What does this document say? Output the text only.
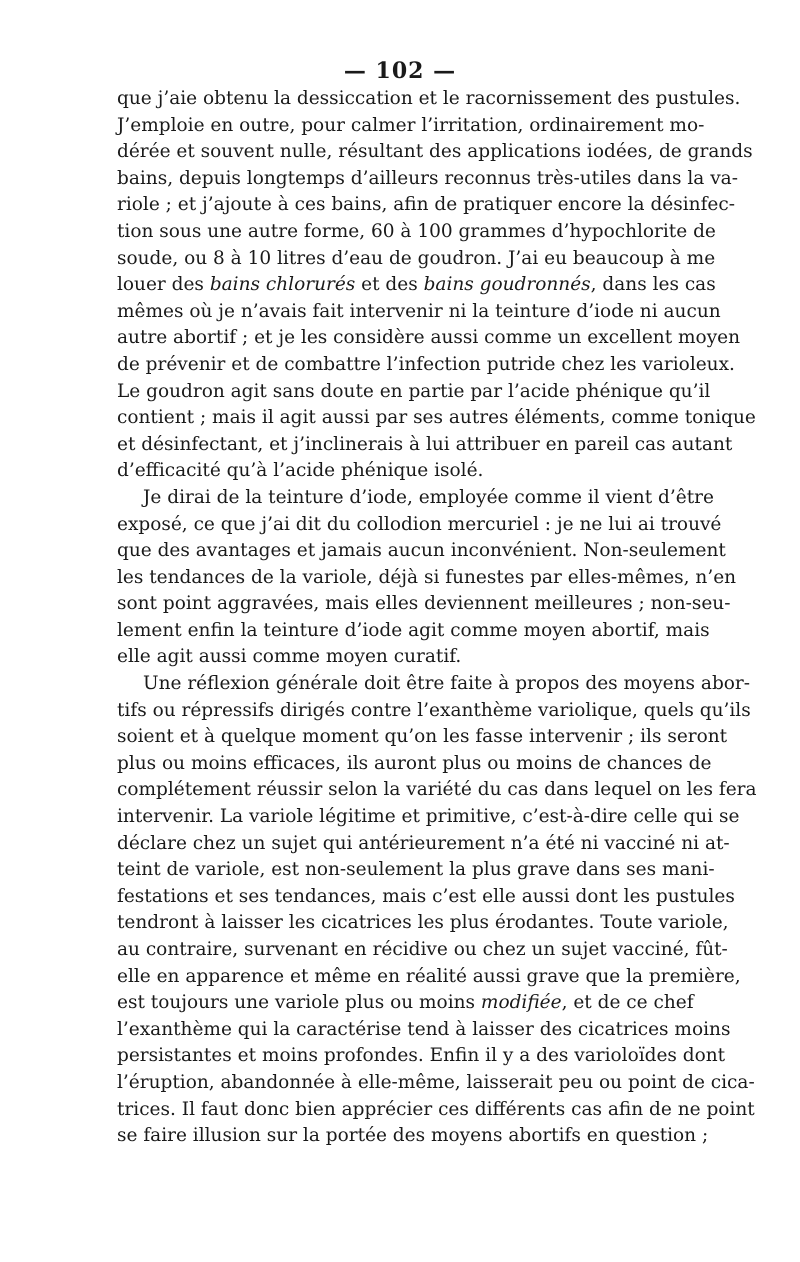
— 102 —
que j’aie obtenu la dessiccation et le racornissement des pustules.
J’emploie en outre, pour calmer l’irritation, ordinairement mo-
dérée et souvent nulle, résultant des applications iodées, de grands
bains, depuis longtemps d’ailleurs reconnus très-utiles dans la va-
riole ; et j’ajoute à ces bains, afin de pratiquer encore la désinfec-
tion sous une autre forme, 60 à 100 grammes d’hypochlorite de
soude, ou 8 à 10 litres d’eau de goudron. J’ai eu beaucoup à me
louer des bains chlorurés et des bains goudronnés, dans les cas
mêmes où je n’avais fait intervenir ni la teinture d’iode ni aucun
autre abortif ; et je les considère aussi comme un excellent moyen
de prévenir et de combattre l’infection putride chez les varioleux.
Le goudron agit sans doute en partie par l’acide phénique qu’il
contient ; mais il agit aussi par ses autres éléments, comme tonique
et désinfectant, et j’inclinerais à lui attribuer en pareil cas autant
d’efficacité qu’à l’acide phénique isolé.
Je dirai de la teinture d’iode, employée comme il vient d’être
exposé, ce que j’ai dit du collodion mercuriel : je ne lui ai trouvé
que des avantages et jamais aucun inconvénient. Non-seulement
les tendances de la variole, déjà si funestes par elles-mêmes, n’en
sont point aggravées, mais elles deviennent meilleures ; non-seu-
lement enfin la teinture d’iode agit comme moyen abortif, mais
elle agit aussi comme moyen curatif.
Une réflexion générale doit être faite à propos des moyens abor-
tifs ou répressifs dirigés contre l’exanthème variolique, quels qu’ils
soient et à quelque moment qu’on les fasse intervenir ; ils seront
plus ou moins efficaces, ils auront plus ou moins de chances de
complétement réussir selon la variété du cas dans lequel on les fera
intervenir. La variole légitime et primitive, c’est-à-dire celle qui se
déclare chez un sujet qui antérieurement n’a été ni vacciné ni at-
teint de variole, est non-seulement la plus grave dans ses mani-
festations et ses tendances, mais c’est elle aussi dont les pustules
tendront à laisser les cicatrices les plus érodantes. Toute variole,
au contraire, survenant en récidive ou chez un sujet vacciné, fût-
elle en apparence et même en réalité aussi grave que la première,
est toujours une variole plus ou moins modifiée, et de ce chef
l’exanthème qui la caractérise tend à laisser des cicatrices moins
persistantes et moins profondes. Enfin il y a des varioloïdes dont
l’éruption, abandonnée à elle-même, laisserait peu ou point de cica-
trices. Il faut donc bien apprécier ces différents cas afin de ne point
se faire illusion sur la portée des moyens abortifs en question ;
